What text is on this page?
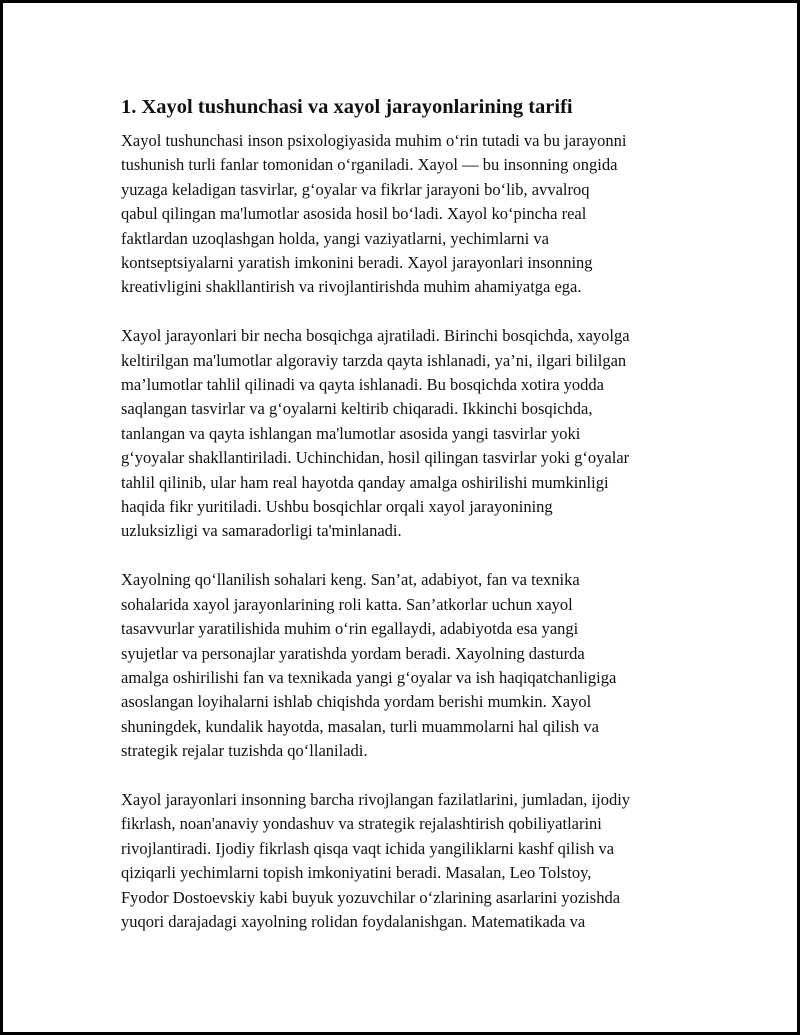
1. Xayol tushunchasi va xayol jarayonlarining tarifi

Xayol tushunchasi inson psixologiyasida muhim o‘rin tutadi va bu jarayonni
tushunish turli fanlar tomonidan o‘rganiladi. Xayol — bu insonning ongida
yuzaga keladigan tasvirlar, g‘oyalar va fikrlar jarayoni bo‘lib, avvalroq
qabul qilingan ma'lumotlar asosida hosil bo‘ladi. Xayol ko‘pincha real
faktlardan uzoqlashgan holda, yangi vaziyatlarni, yechimlarni va
kontseptsiyalarni yaratish imkonini beradi. Xayol jarayonlari insonning
kreativligini shakllantirish va rivojlantirishda muhim ahamiyatga ega.

Xayol jarayonlari bir necha bosqichga ajratiladi. Birinchi bosqichda, xayolga
keltirilgan ma'lumotlar algoraviy tarzda qayta ishlanadi, ya’ni, ilgari bililgan
ma’lumotlar tahlil qilinadi va qayta ishlanadi. Bu bosqichda xotira yodda
saqlangan tasvirlar va g‘oyalarni keltirib chiqaradi. Ikkinchi bosqichda,
tanlangan va qayta ishlangan ma'lumotlar asosida yangi tasvirlar yoki
g‘yoyalar shakllantiriladi. Uchinchidan, hosil qilingan tasvirlar yoki g‘oyalar
tahlil qilinib, ular ham real hayotda qanday amalga oshirilishi mumkinligi
haqida fikr yuritiladi. Ushbu bosqichlar orqali xayol jarayonining
uzluksizligi va samaradorligi ta'minlanadi.

Xayolning qo‘llanilish sohalari keng. San’at, adabiyot, fan va texnika
sohalarida xayol jarayonlarining roli katta. San’atkorlar uchun xayol
tasavvurlar yaratilishida muhim o‘rin egallaydi, adabiyotda esa yangi
syujetlar va personajlar yaratishda yordam beradi. Xayolning dasturda
amalga oshirilishi fan va texnikada yangi g‘oyalar va ish haqiqatchanligiga
asoslangan loyihalarni ishlab chiqishda yordam berishi mumkin. Xayol
shuningdek, kundalik hayotda, masalan, turli muammolarni hal qilish va
strategik rejalar tuzishda qo‘llaniladi.

Xayol jarayonlari insonning barcha rivojlangan fazilatlarini, jumladan, ijodiy
fikrlash, noan'anaviy yondashuv va strategik rejalashtirish qobiliyatlarini
rivojlantiradi. Ijodiy fikrlash qisqa vaqt ichida yangiliklarni kashf qilish va
qiziqarli yechimlarni topish imkoniyatini beradi. Masalan, Leo Tolstoy,
Fyodor Dostoevskiy kabi buyuk yozuvchilar o‘zlarining asarlarini yozishda
yuqori darajadagi xayolning rolidan foydalanishgan. Matematikada va
